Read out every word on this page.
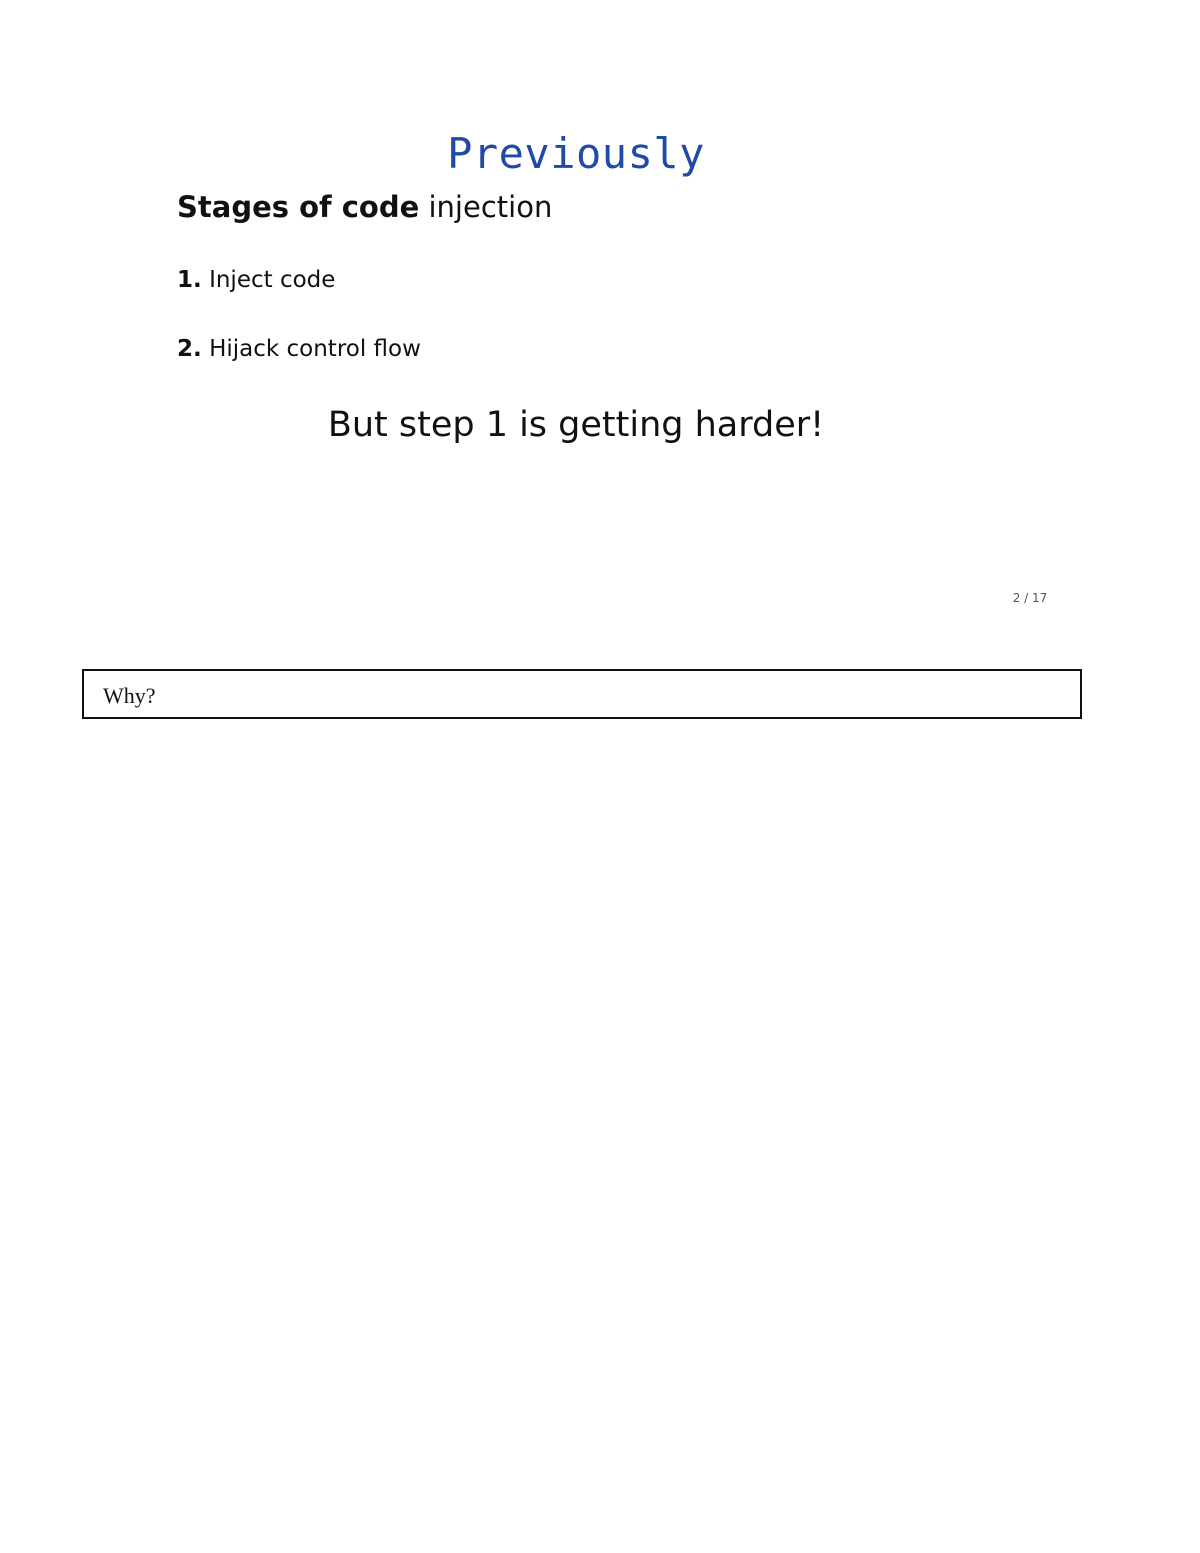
Previously
Stages of code injection
1. Inject code
2. Hijack control flow
But step 1 is getting harder!
2 / 17
Why?
